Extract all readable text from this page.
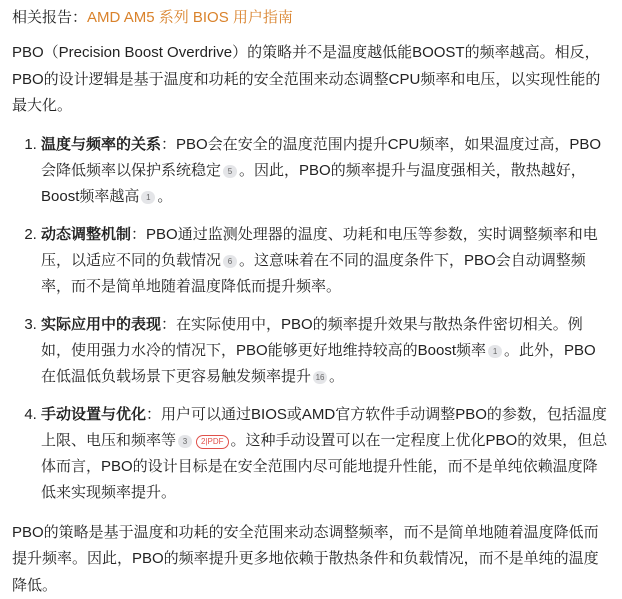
相关报告：AMD AM5 系列 BIOS 用户指南

PBO（Precision Boost Overdrive）的策略并不是温度越低能BOOST的频率越高。相反，PBO的设计逻辑是基于温度和功耗的安全范围来动态调整CPU频率和电压，以实现性能的最大化。

1. 温度与频率的关系：PBO会在安全的温度范围内提升CPU频率，如果温度过高，PBO会降低频率以保护系统稳定 5 。因此，PBO的频率提升与温度强相关，散热越好，Boost频率越高 1 。
2. 动态调整机制：PBO通过监测处理器的温度、功耗和电压等参数，实时调整频率和电压，以适应不同的负载情况 6 。这意味着在不同的温度条件下，PBO会自动调整频率，而不是简单地随着温度降低而提升频率。
3. 实际应用中的表现：在实际使用中，PBO的频率提升效果与散热条件密切相关。例如，使用强力水冷的情况下，PBO能够更好地维持较高的Boost频率 1 。此外，PBO在低温低负载场景下更容易触发频率提升 16 。
4. 手动设置与优化：用户可以通过BIOS或AMD官方软件手动调整PBO的参数，包括温度上限、电压和频率等 3 2|PDF 。这种手动设置可以在一定程度上优化PBO的效果，但总体而言，PBO的设计目标是在安全范围内尽可能地提升性能，而不是单纯依赖温度降低来实现频率提升。

PBO的策略是基于温度和功耗的安全范围来动态调整频率，而不是简单地随着温度降低而提升频率。因此，PBO的频率提升更多地依赖于散热条件和负载情况，而不是单纯的温度降低。
